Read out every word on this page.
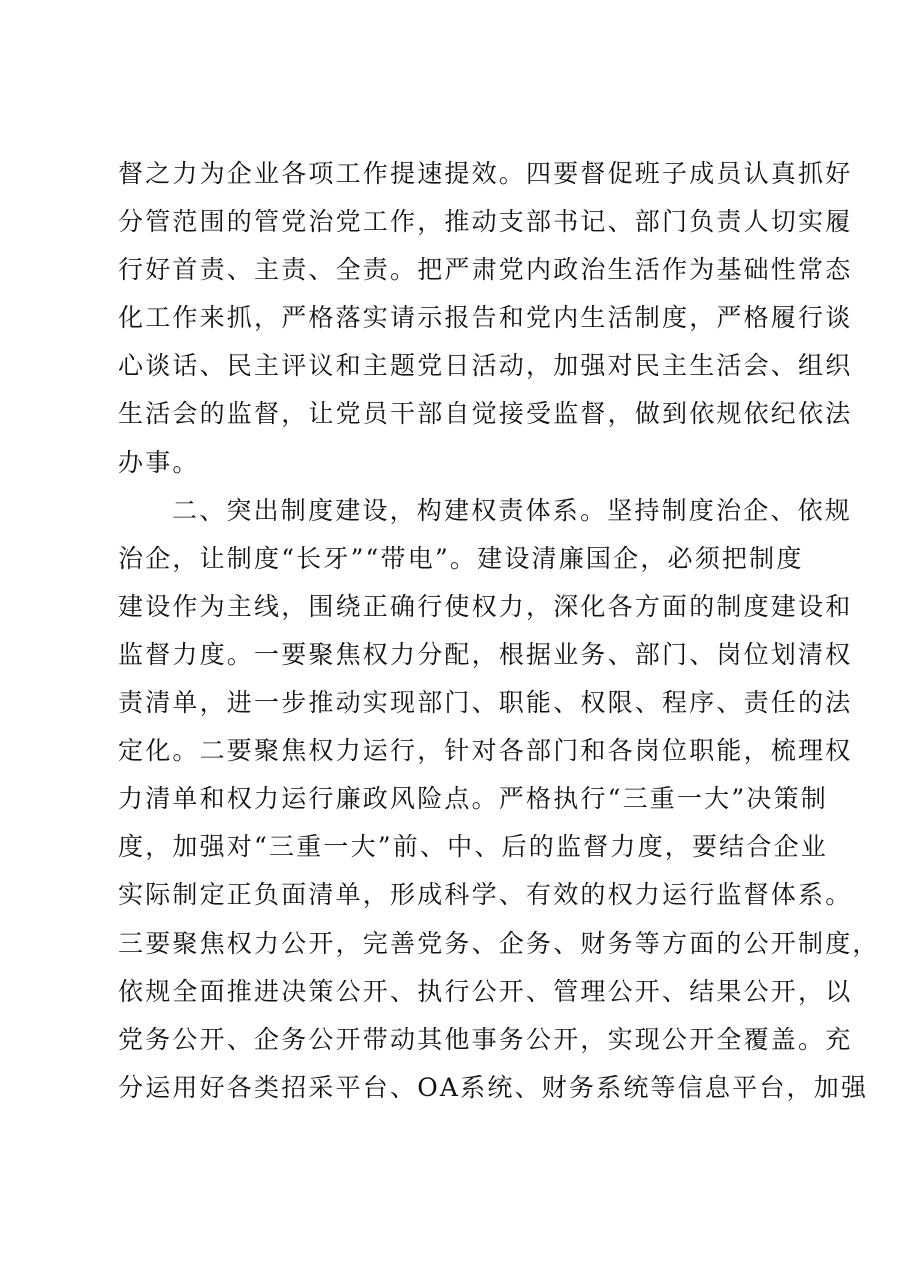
督之力为企业各项工作提速提效。四要督促班子成员认真抓好
分管范围的管党治党工作，推动支部书记、部门负责人切实履
行好首责、主责、全责。把严肃党内政治生活作为基础性常态
化工作来抓，严格落实请示报告和党内生活制度，严格履行谈
心谈话、民主评议和主题党日活动，加强对民主生活会、组织
生活会的监督，让党员干部自觉接受监督，做到依规依纪依法
办事。
二、突出制度建设，构建权责体系。坚持制度治企、依规
治企，让制度“长牙”“带电”。建设清廉国企，必须把制度
建设作为主线，围绕正确行使权力，深化各方面的制度建设和
监督力度。一要聚焦权力分配，根据业务、部门、岗位划清权
责清单，进一步推动实现部门、职能、权限、程序、责任的法
定化。二要聚焦权力运行，针对各部门和各岗位职能，梳理权
力清单和权力运行廉政风险点。严格执行“三重一大”决策制
度，加强对“三重一大”前、中、后的监督力度，要结合企业
实际制定正负面清单，形成科学、有效的权力运行监督体系。
三要聚焦权力公开，完善党务、企务、财务等方面的公开制度，
依规全面推进决策公开、执行公开、管理公开、结果公开，以
党务公开、企务公开带动其他事务公开，实现公开全覆盖。充
分运用好各类招采平台、OA系统、财务系统等信息平台，加强
